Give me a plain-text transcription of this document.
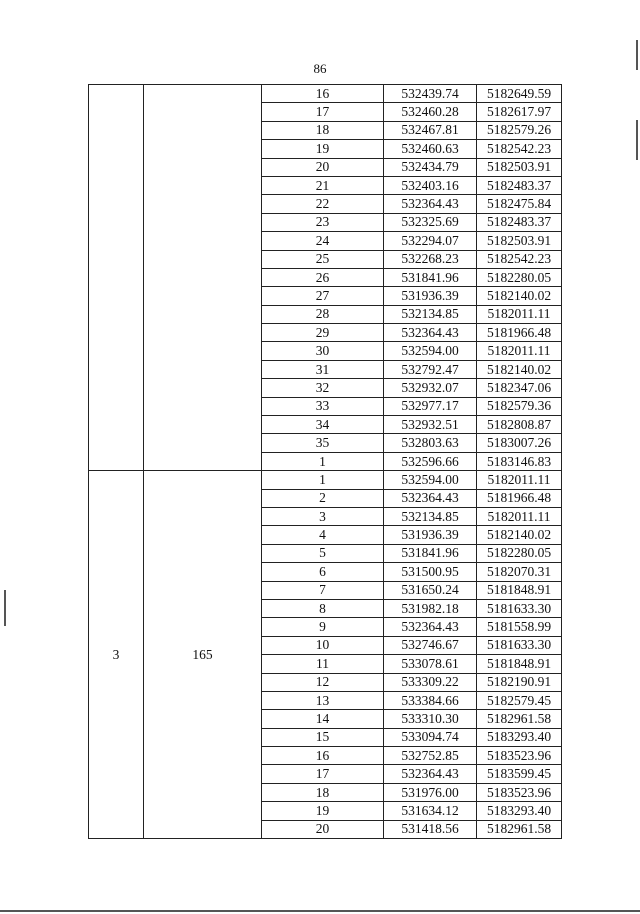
86
		16	532439.74	5182649.59
		17	532460.28	5182617.97
		18	532467.81	5182579.26
		19	532460.63	5182542.23
		20	532434.79	5182503.91
		21	532403.16	5182483.37
		22	532364.43	5182475.84
		23	532325.69	5182483.37
		24	532294.07	5182503.91
		25	532268.23	5182542.23
		26	531841.96	5182280.05
		27	531936.39	5182140.02
		28	532134.85	5182011.11
		29	532364.43	5181966.48
		30	532594.00	5182011.11
		31	532792.47	5182140.02
		32	532932.07	5182347.06
		33	532977.17	5182579.36
		34	532932.51	5182808.87
		35	532803.63	5183007.26
		1	532596.66	5183146.83
3	165	1	532594.00	5182011.11
		2	532364.43	5181966.48
		3	532134.85	5182011.11
		4	531936.39	5182140.02
		5	531841.96	5182280.05
		6	531500.95	5182070.31
		7	531650.24	5181848.91
		8	531982.18	5181633.30
		9	532364.43	5181558.99
		10	532746.67	5181633.30
		11	533078.61	5181848.91
		12	533309.22	5182190.91
		13	533384.66	5182579.45
		14	533310.30	5182961.58
		15	533094.74	5183293.40
		16	532752.85	5183523.96
		17	532364.43	5183599.45
		18	531976.00	5183523.96
		19	531634.12	5183293.40
		20	531418.56	5182961.58
